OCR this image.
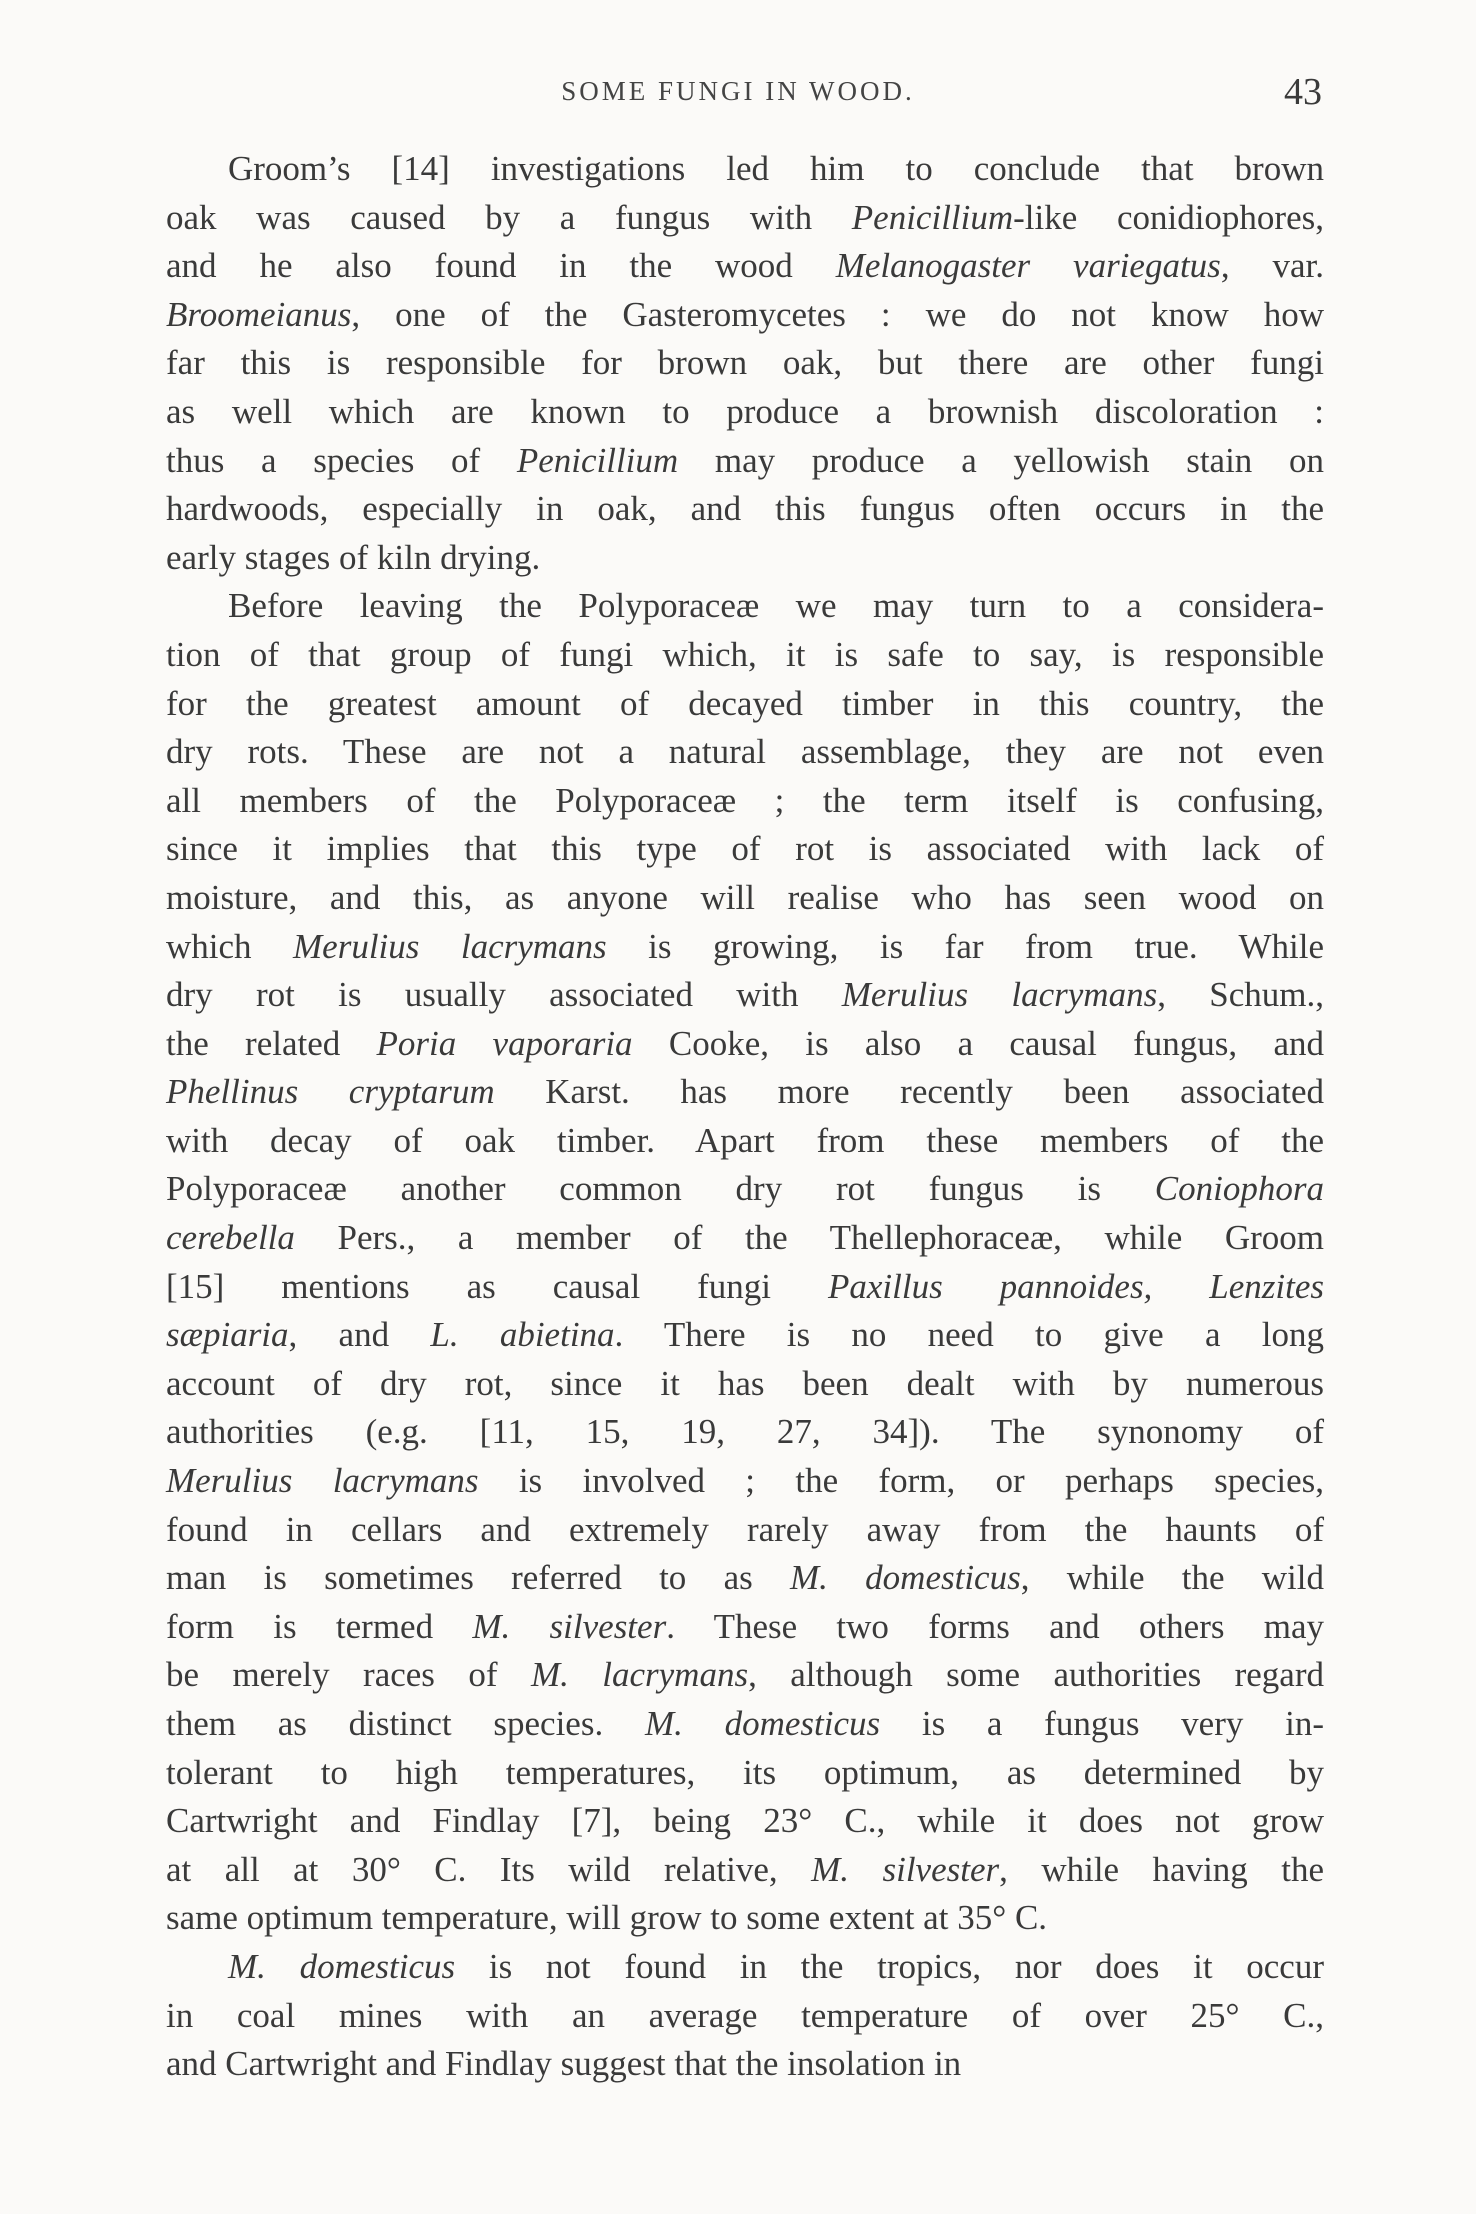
SOME FUNGI IN WOOD.	43
Groom’s [14] investigations led him to conclude that brown
oak was caused by a fungus with Penicillium-like conidiophores,
and he also found in the wood Melanogaster variegatus, var.
Broomeianus, one of the Gasteromycetes : we do not know how
far this is responsible for brown oak, but there are other fungi
as well which are known to produce a brownish discoloration :
thus a species of Penicillium may produce a yellowish stain on
hardwoods, especially in oak, and this fungus often occurs in the
early stages of kiln drying.
Before leaving the Polyporaceæ we may turn to a considera-
tion of that group of fungi which, it is safe to say, is responsible
for the greatest amount of decayed timber in this country, the
dry rots. These are not a natural assemblage, they are not even
all members of the Polyporaceæ ; the term itself is confusing,
since it implies that this type of rot is associated with lack of
moisture, and this, as anyone will realise who has seen wood on
which Merulius lacrymans is growing, is far from true. While
dry rot is usually associated with Merulius lacrymans, Schum.,
the related Poria vaporaria Cooke, is also a causal fungus, and
Phellinus cryptarum Karst. has more recently been associated
with decay of oak timber. Apart from these members of the
Polyporaceæ another common dry rot fungus is Coniophora
cerebella Pers., a member of the Thellephoraceæ, while Groom
[15] mentions as causal fungi Paxillus pannoides, Lenzites
sæpiaria, and L. abietina. There is no need to give a long
account of dry rot, since it has been dealt with by numerous
authorities (e.g. [11, 15, 19, 27, 34]). The synonomy of
Merulius lacrymans is involved ; the form, or perhaps species,
found in cellars and extremely rarely away from the haunts of
man is sometimes referred to as M. domesticus, while the wild
form is termed M. silvester. These two forms and others may
be merely races of M. lacrymans, although some authorities regard
them as distinct species. M. domesticus is a fungus very in-
tolerant to high temperatures, its optimum, as determined by
Cartwright and Findlay [7], being 23° C., while it does not grow
at all at 30° C. Its wild relative, M. silvester, while having the
same optimum temperature, will grow to some extent at 35° C.
M. domesticus is not found in the tropics, nor does it occur
in coal mines with an average temperature of over 25° C.,
and Cartwright and Findlay suggest that the insolation in
